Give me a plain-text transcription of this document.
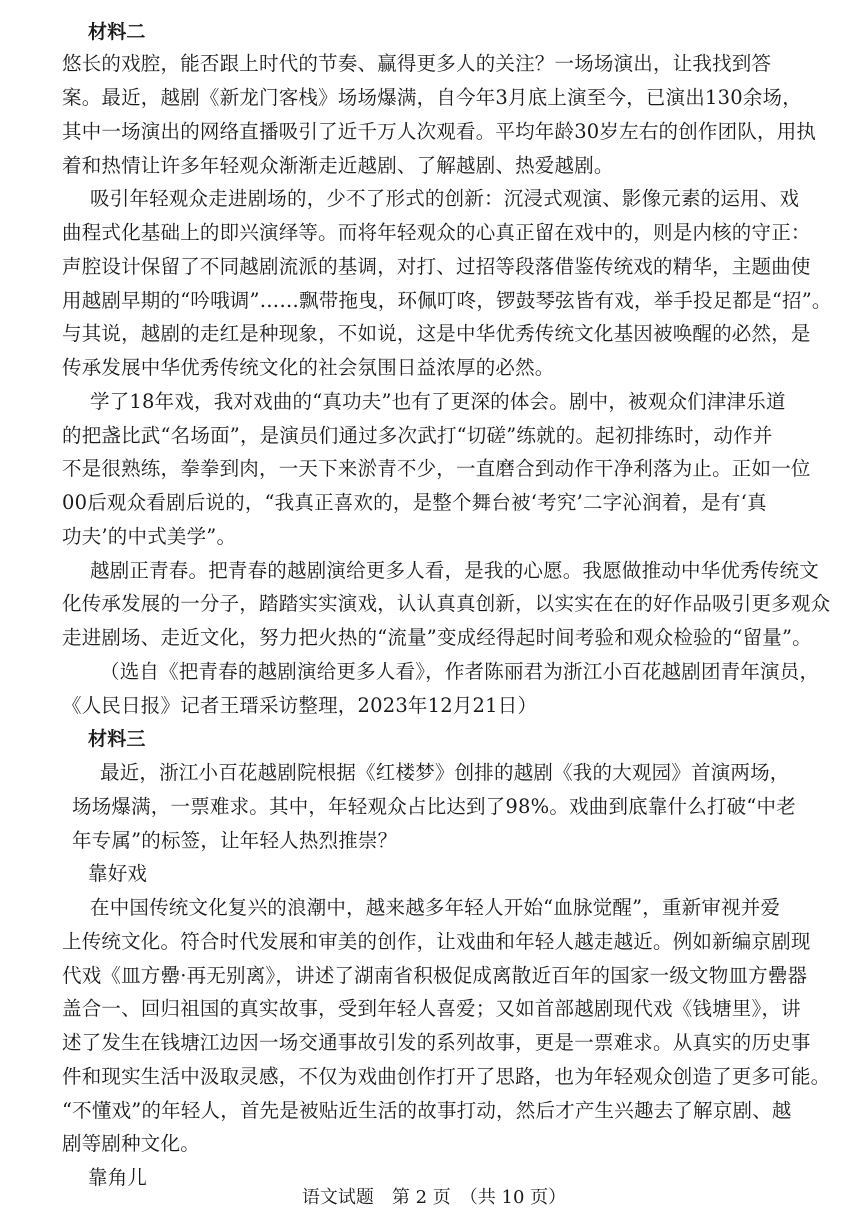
材料二
悠长的戏腔，能否跟上时代的节奏、赢得更多人的关注？一场场演出，让我找到答
案。最近，越剧《新龙门客栈》场场爆满，自今年3月底上演至今，已演出130余场，
其中一场演出的网络直播吸引了近千万人次观看。平均年龄30岁左右的创作团队，用执
着和热情让许多年轻观众渐渐走近越剧、了解越剧、热爱越剧。
吸引年轻观众走进剧场的，少不了形式的创新：沉浸式观演、影像元素的运用、戏
曲程式化基础上的即兴演绎等。而将年轻观众的心真正留在戏中的，则是内核的守正：
声腔设计保留了不同越剧流派的基调，对打、过招等段落借鉴传统戏的精华，主题曲使
用越剧早期的“吟哦调”……飘带拖曳，环佩叮咚，锣鼓琴弦皆有戏，举手投足都是“招”。
与其说，越剧的走红是种现象，不如说，这是中华优秀传统文化基因被唤醒的必然，是
传承发展中华优秀传统文化的社会氛围日益浓厚的必然。
学了18年戏，我对戏曲的“真功夫”也有了更深的体会。剧中，被观众们津津乐道
的把盏比武“名场面”，是演员们通过多次武打“切磋”练就的。起初排练时，动作并
不是很熟练，拳拳到肉，一天下来淤青不少，一直磨合到动作干净利落为止。正如一位
00后观众看剧后说的，“我真正喜欢的，是整个舞台被‘考究’二字沁润着，是有‘真
功夫’的中式美学”。
越剧正青春。把青春的越剧演给更多人看，是我的心愿。我愿做推动中华优秀传统文
化传承发展的一分子，踏踏实实演戏，认认真真创新，以实实在在的好作品吸引更多观众
走进剧场、走近文化，努力把火热的“流量”变成经得起时间考验和观众检验的“留量”。
（选自《把青春的越剧演给更多人看》，作者陈丽君为浙江小百花越剧团青年演员，
《人民日报》记者王瑨采访整理，2023年12月21日）
材料三
最近，浙江小百花越剧院根据《红楼梦》创排的越剧《我的大观园》首演两场，
场场爆满，一票难求。其中，年轻观众占比达到了98%。戏曲到底靠什么打破“中老
年专属”的标签，让年轻人热烈推崇？
靠好戏
在中国传统文化复兴的浪潮中，越来越多年轻人开始“血脉觉醒”，重新审视并爱
上传统文化。符合时代发展和审美的创作，让戏曲和年轻人越走越近。例如新编京剧现
代戏《皿方罍·再无别离》，讲述了湖南省积极促成离散近百年的国家一级文物皿方罍器
盖合一、回归祖国的真实故事，受到年轻人喜爱；又如首部越剧现代戏《钱塘里》，讲
述了发生在钱塘江边因一场交通事故引发的系列故事，更是一票难求。从真实的历史事
件和现实生活中汲取灵感，不仅为戏曲创作打开了思路，也为年轻观众创造了更多可能。
“不懂戏”的年轻人，首先是被贴近生活的故事打动，然后才产生兴趣去了解京剧、越
剧等剧种文化。
靠角儿
语文试题　第 2 页　（共 10 页）
